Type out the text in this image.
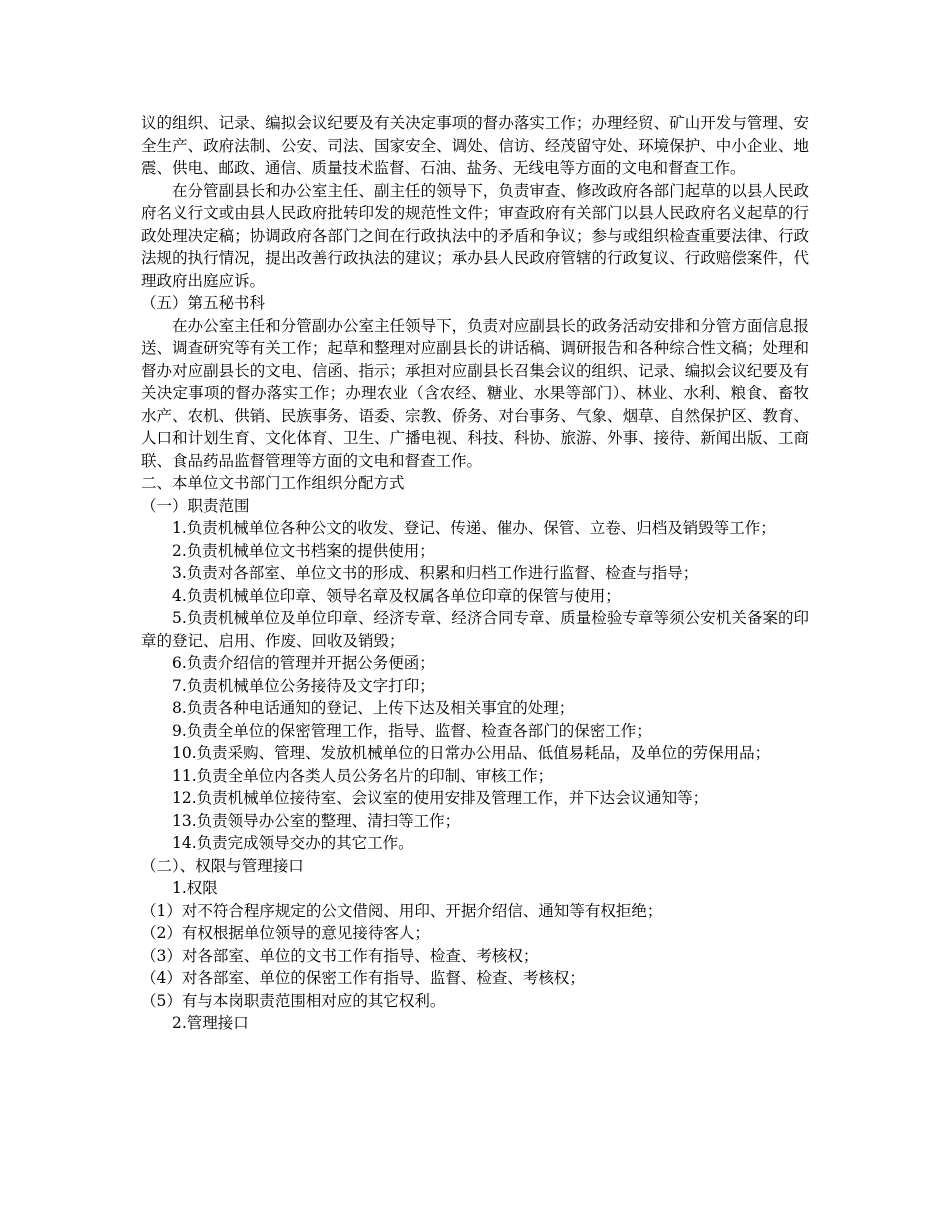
议的组织、记录、编拟会议纪要及有关决定事项的督办落实工作；办理经贸、矿山开发与管理、安全生产、政府法制、公安、司法、国家安全、调处、信访、经茂留守处、环境保护、中小企业、地震、供电、邮政、通信、质量技术监督、石油、盐务、无线电等方面的文电和督查工作。

在分管副县长和办公室主任、副主任的领导下，负责审查、修改政府各部门起草的以县人民政府名义行文或由县人民政府批转印发的规范性文件；审查政府有关部门以县人民政府名义起草的行政处理决定稿；协调政府各部门之间在行政执法中的矛盾和争议；参与或组织检查重要法律、行政法规的执行情况，提出改善行政执法的建议；承办县人民政府管辖的行政复议、行政赔偿案件，代理政府出庭应诉。

（五）第五秘书科

在办公室主任和分管副办公室主任领导下，负责对应副县长的政务活动安排和分管方面信息报送、调查研究等有关工作；起草和整理对应副县长的讲话稿、调研报告和各种综合性文稿；处理和督办对应副县长的文电、信函、指示；承担对应副县长召集会议的组织、记录、编拟会议纪要及有关决定事项的督办落实工作；办理农业（含农经、糖业、水果等部门）、林业、水利、粮食、畜牧水产、农机、供销、民族事务、语委、宗教、侨务、对台事务、气象、烟草、自然保护区、教育、人口和计划生育、文化体育、卫生、广播电视、科技、科协、旅游、外事、接待、新闻出版、工商联、食品药品监督管理等方面的文电和督查工作。

二、本单位文书部门工作组织分配方式

（一）职责范围

1.负责机械单位各种公文的收发、登记、传递、催办、保管、立卷、归档及销毁等工作；

2.负责机械单位文书档案的提供使用；

3.负责对各部室、单位文书的形成、积累和归档工作进行监督、检查与指导；

4.负责机械单位印章、领导名章及权属各单位印章的保管与使用；

5.负责机械单位及单位印章、经济专章、经济合同专章、质量检验专章等须公安机关备案的印章的登记、启用、作废、回收及销毁；

6.负责介绍信的管理并开据公务便函；

7.负责机械单位公务接待及文字打印；

8.负责各种电话通知的登记、上传下达及相关事宜的处理；

9.负责全单位的保密管理工作，指导、监督、检查各部门的保密工作；

10.负责采购、管理、发放机械单位的日常办公用品、低值易耗品，及单位的劳保用品；

11.负责全单位内各类人员公务名片的印制、审核工作；

12.负责机械单位接待室、会议室的使用安排及管理工作，并下达会议通知等；

13.负责领导办公室的整理、清扫等工作；

14.负责完成领导交办的其它工作。

（二）、权限与管理接口

1.权限

（1）对不符合程序规定的公文借阅、用印、开据介绍信、通知等有权拒绝；

（2）有权根据单位领导的意见接待客人；

（3）对各部室、单位的文书工作有指导、检查、考核权；

（4）对各部室、单位的保密工作有指导、监督、检查、考核权；

（5）有与本岗职责范围相对应的其它权利。

2.管理接口
